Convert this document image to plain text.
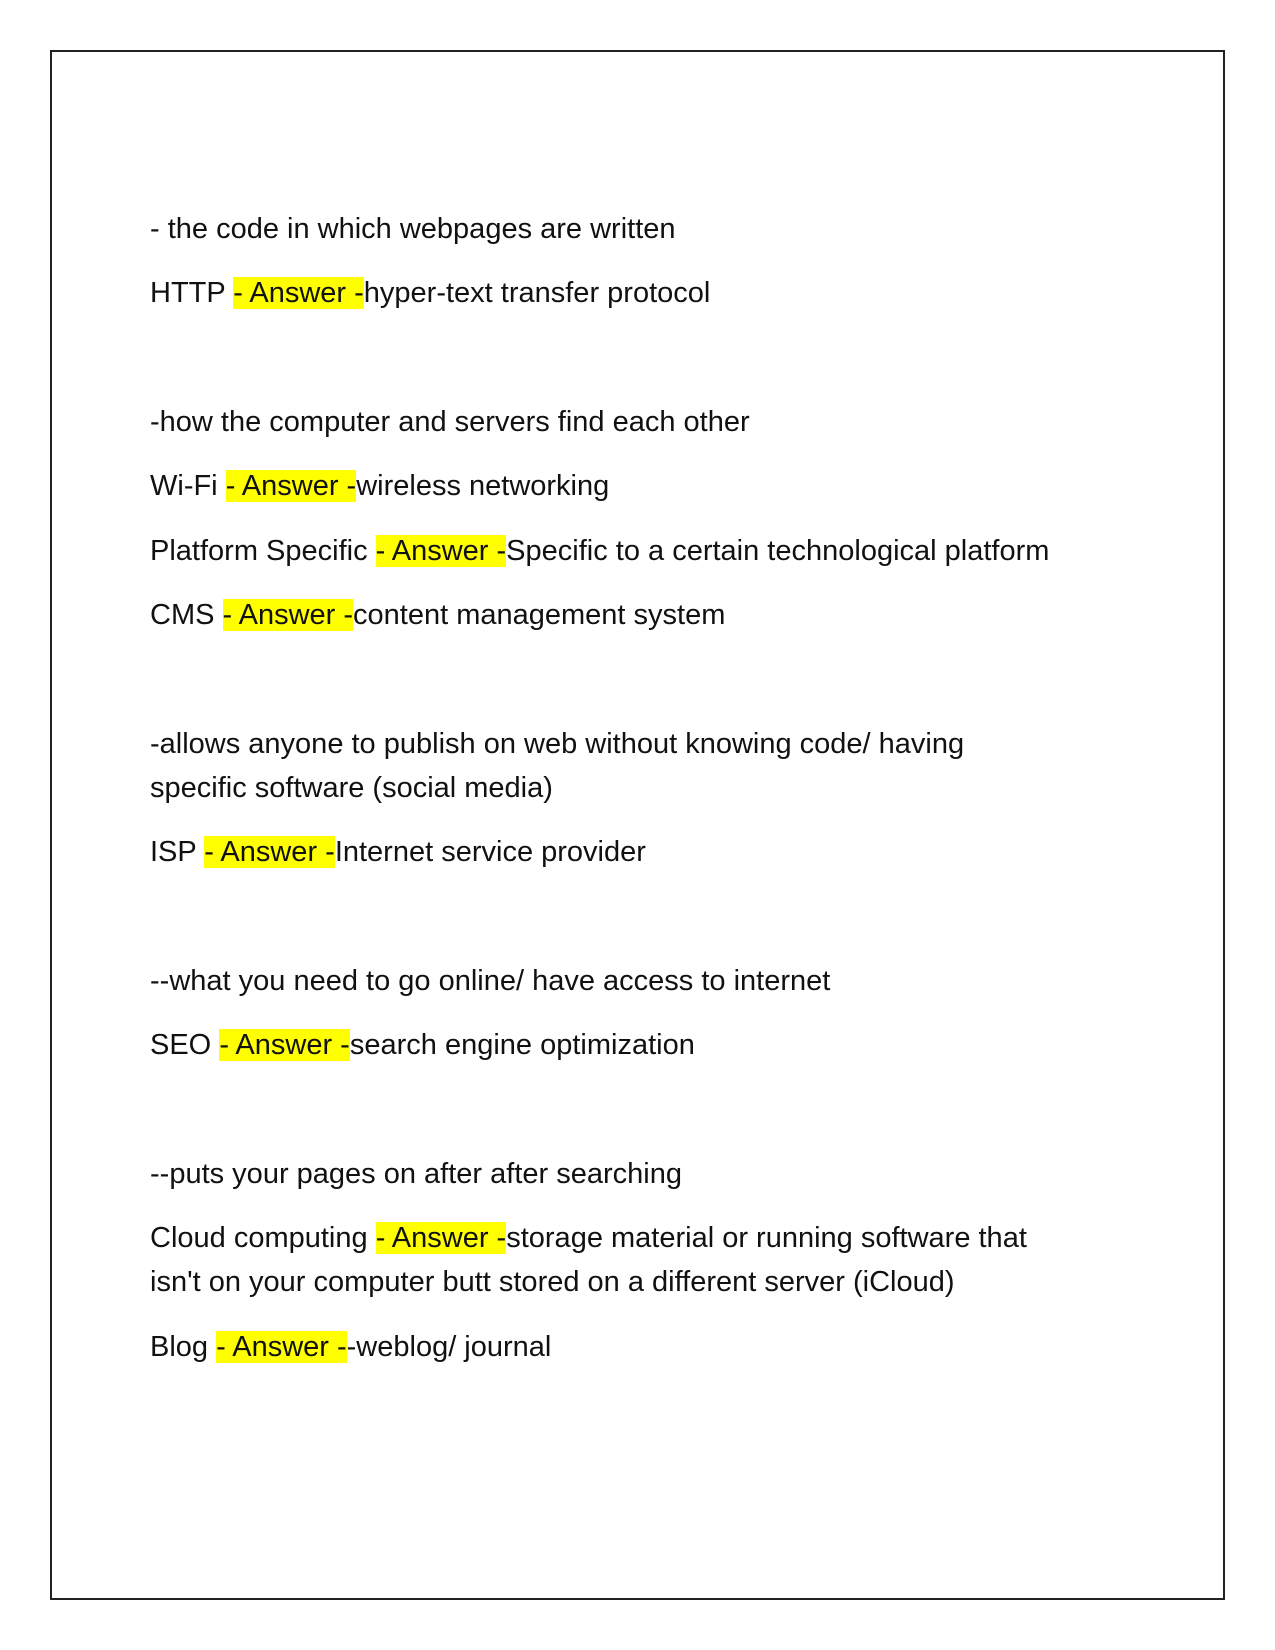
- the code in which webpages are written
HTTP - Answer -hyper-text transfer protocol
-how the computer and servers find each other
Wi-Fi - Answer -wireless networking
Platform Specific - Answer -Specific to a certain technological platform
CMS - Answer -content management system
-allows anyone to publish on web without knowing code/ having
specific software (social media)
ISP - Answer -Internet service provider
--what you need to go online/ have access to internet
SEO - Answer -search engine optimization
--puts your pages on after after searching
Cloud computing - Answer -storage material or running software that
isn't on your computer butt stored on a different server (iCloud)
Blog - Answer --weblog/ journal
